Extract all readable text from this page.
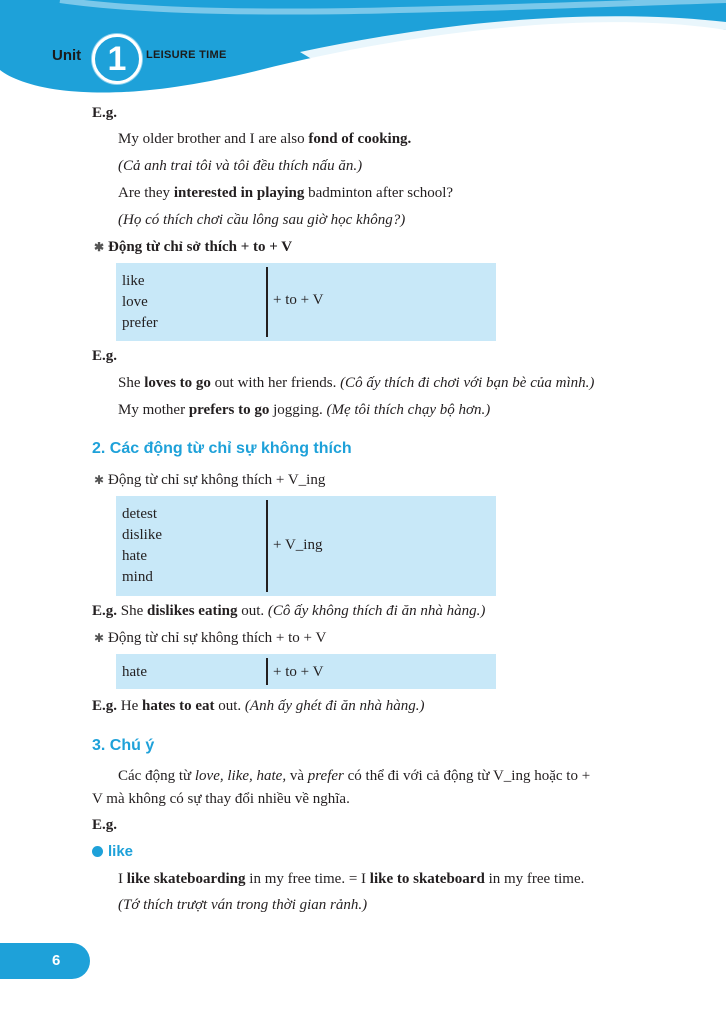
Unit 1	LEISURE TIME
E.g.
My older brother and I are also fond of cooking.
(Cả anh trai tôi và tôi đều thích nấu ăn.)
Are they interested in playing badminton after school?
(Họ có thích chơi cầu lông sau giờ học không?)
✱ Động từ chỉ sở thích + to + V
like
love
prefer
+ to + V
E.g.
She loves to go out with her friends. (Cô ấy thích đi chơi với bạn bè của mình.)
My mother prefers to go jogging. (Mẹ tôi thích chạy bộ hơn.)
2. Các động từ chỉ sự không thích
✱ Động từ chỉ sự không thích + V_ing
detest
dislike
hate
mind
+ V_ing
E.g. She dislikes eating out. (Cô ấy không thích đi ăn nhà hàng.)
✱ Động từ chỉ sự không thích + to + V
hate	+ to + V
E.g. He hates to eat out. (Anh ấy ghét đi ăn nhà hàng.)
3. Chú ý
Các động từ love, like, hate, và prefer có thể đi với cả động từ V_ing hoặc to +
V mà không có sự thay đổi nhiều về nghĩa.
E.g.
like
I like skateboarding in my free time. = I like to skateboard in my free time.
(Tớ thích trượt ván trong thời gian rảnh.)
6
